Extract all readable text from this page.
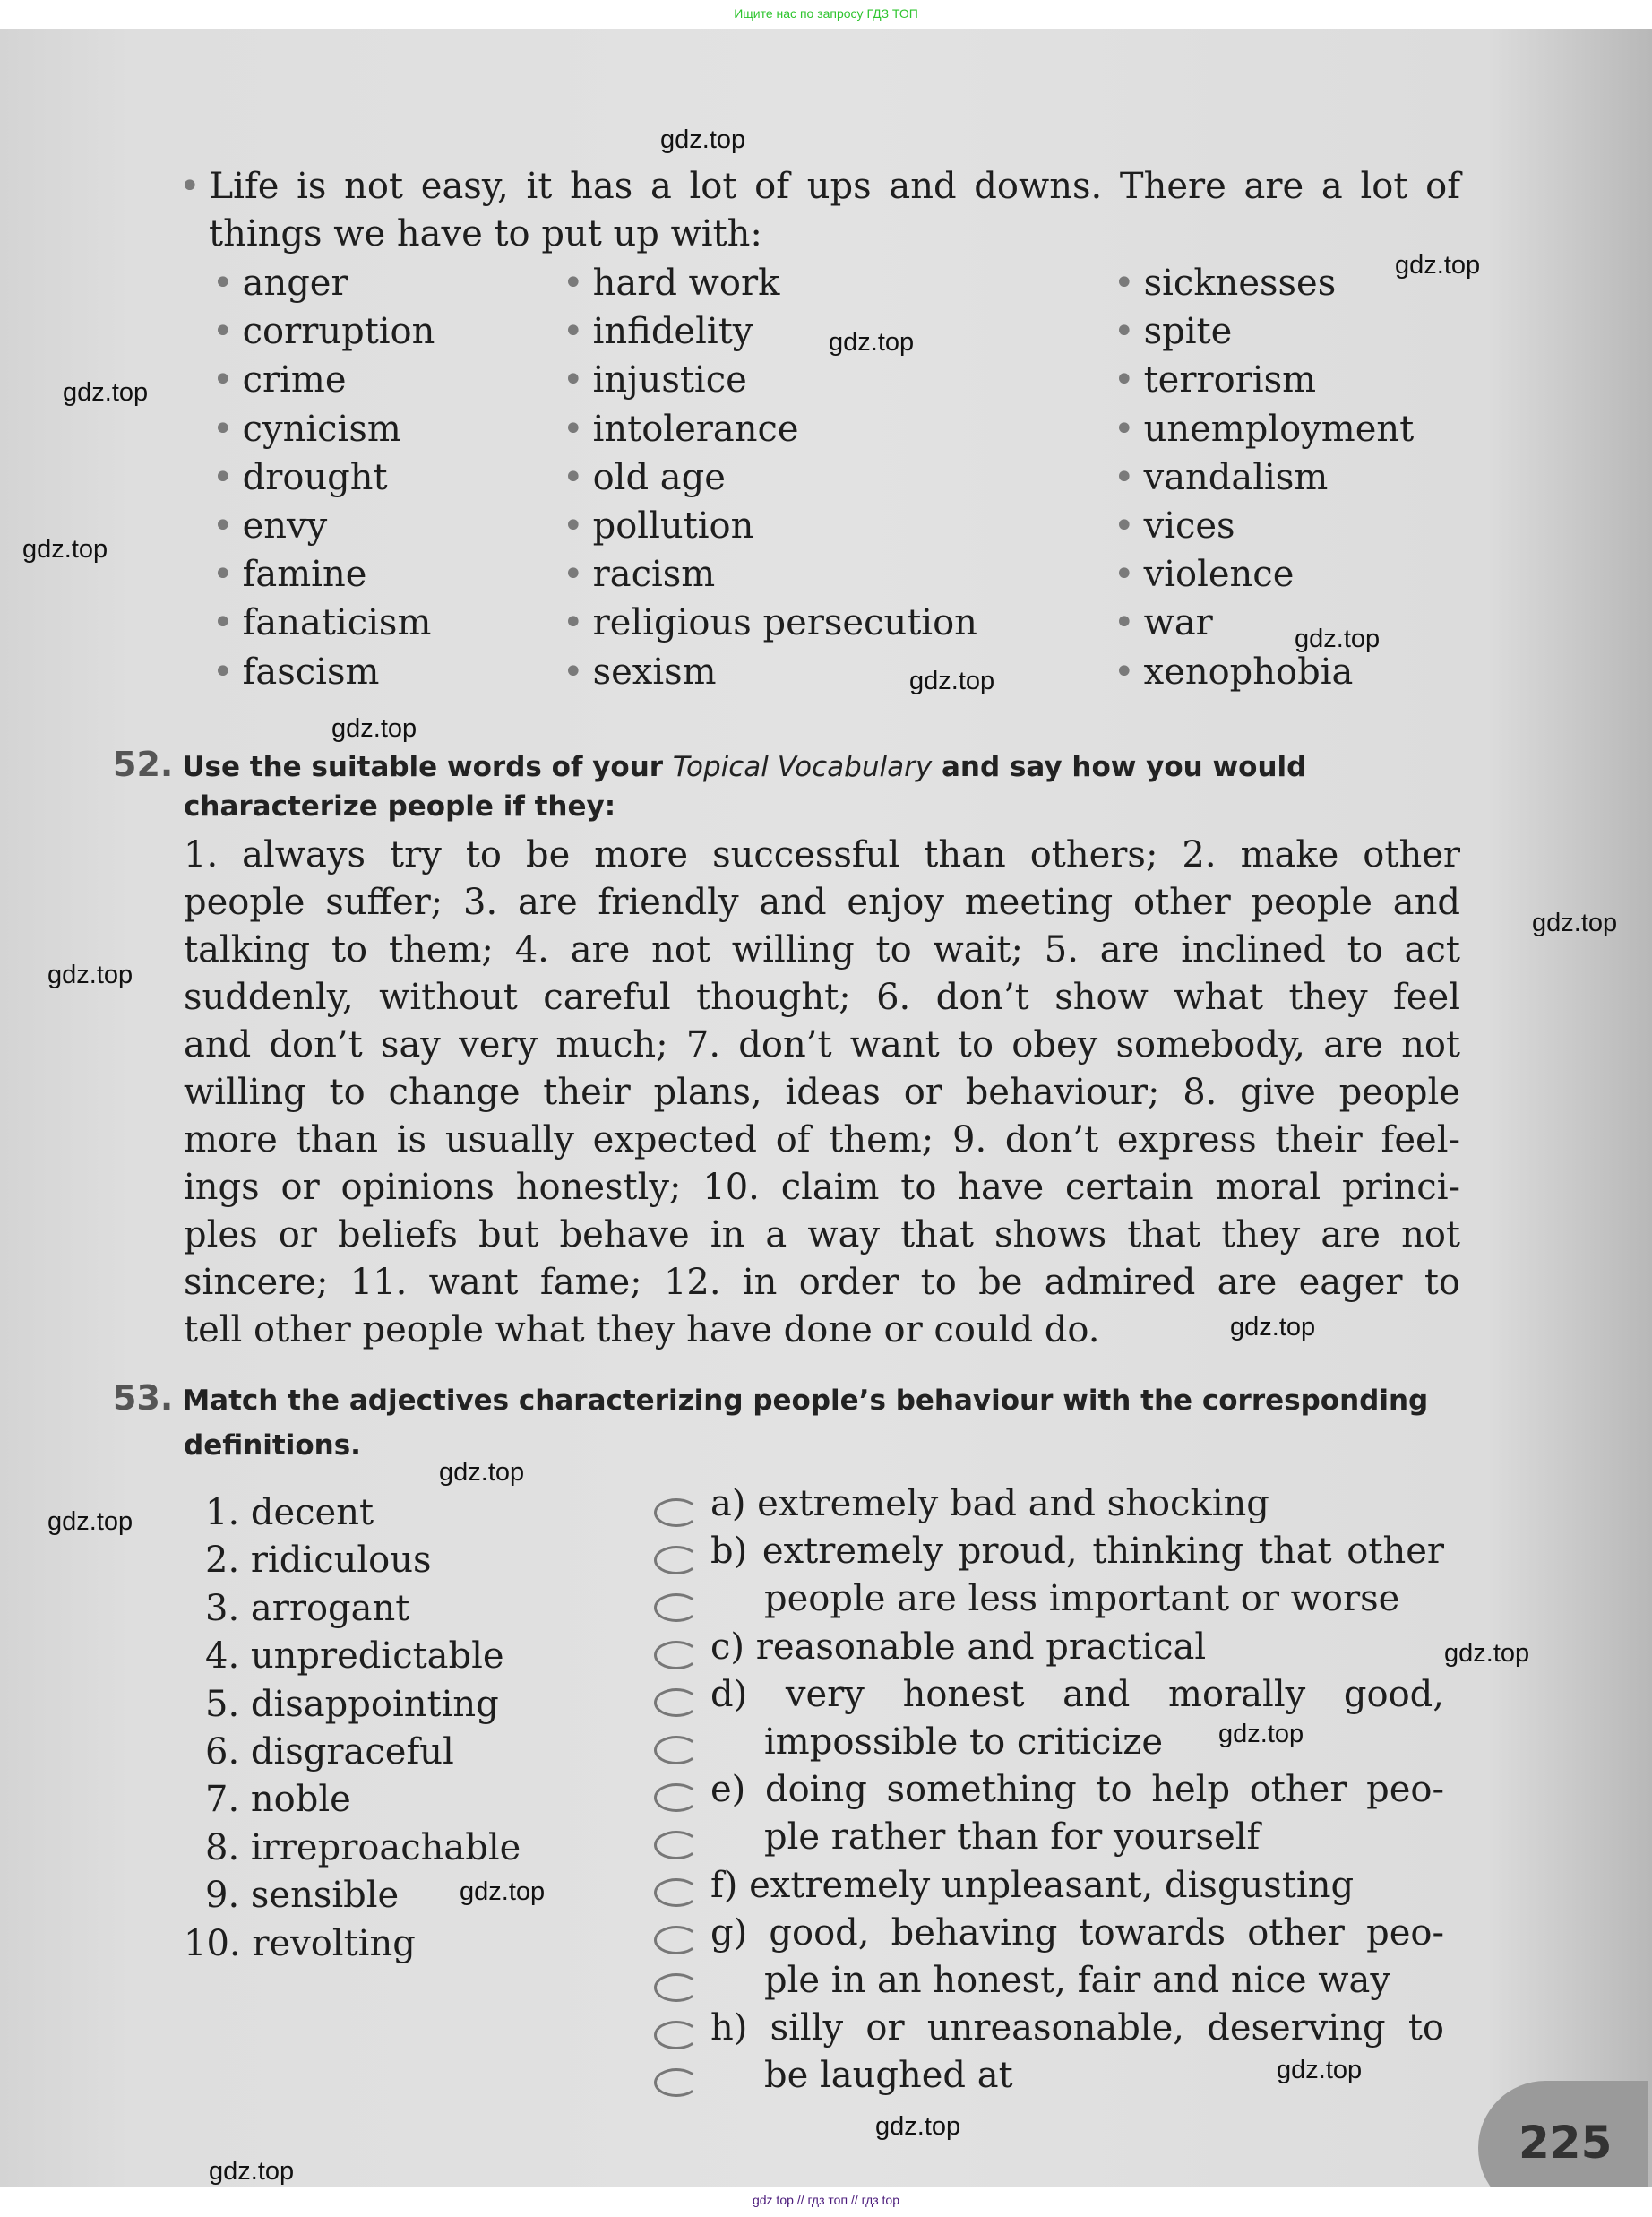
Ищите нас по запросу ГДЗ ТОП
• Life is not easy, it has a lot of ups and downs. There are a lot of
things we have to put up with:
• anger
• corruption
• crime
• cynicism
• drought
• envy
• famine
• fanaticism
• fascism
• hard work
• infidelity
• injustice
• intolerance
• old age
• pollution
• racism
• religious persecution
• sexism
• sicknesses
• spite
• terrorism
• unemployment
• vandalism
• vices
• violence
• war
• xenophobia
52. Use the suitable words of your Topical Vocabulary and say how you would
characterize people if they:
1. always try to be more successful than others; 2. make other
people suffer; 3. are friendly and enjoy meeting other people and
talking to them; 4. are not willing to wait; 5. are inclined to act
suddenly, without careful thought; 6. don’t show what they feel
and don’t say very much; 7. don’t want to obey somebody, are not
willing to change their plans, ideas or behaviour; 8. give people
more than is usually expected of them; 9. don’t express their feel-
ings or opinions honestly; 10. claim to have certain moral princi-
ples or beliefs but behave in a way that shows that they are not
sincere; 11. want fame; 12. in order to be admired are eager to
tell other people what they have done or could do.
53. Match the adjectives characterizing people’s behaviour with the corresponding
definitions.
1. decent
2. ridiculous
3. arrogant
4. unpredictable
5. disappointing
6. disgraceful
7. noble
8. irreproachable
9. sensible
10. revolting
a) extremely bad and shocking
b) extremely proud, thinking that other
people are less important or worse
c) reasonable and practical
d) very honest and morally good,
impossible to criticize
e) doing something to help other peo-
ple rather than for yourself
f) extremely unpleasant, disgusting
g) good, behaving towards other peo-
ple in an honest, fair and nice way
h) silly or unreasonable, deserving to
be laughed at
gdz.top
gdz.top
gdz.top
gdz.top
gdz.top
gdz.top
gdz.top
gdz.top
gdz.top
gdz.top
gdz.top
gdz.top
gdz.top
gdz.top
gdz.top
gdz.top
gdz.top
gdz.top
gdz.top
225
gdz top // гдз топ // гдз top
